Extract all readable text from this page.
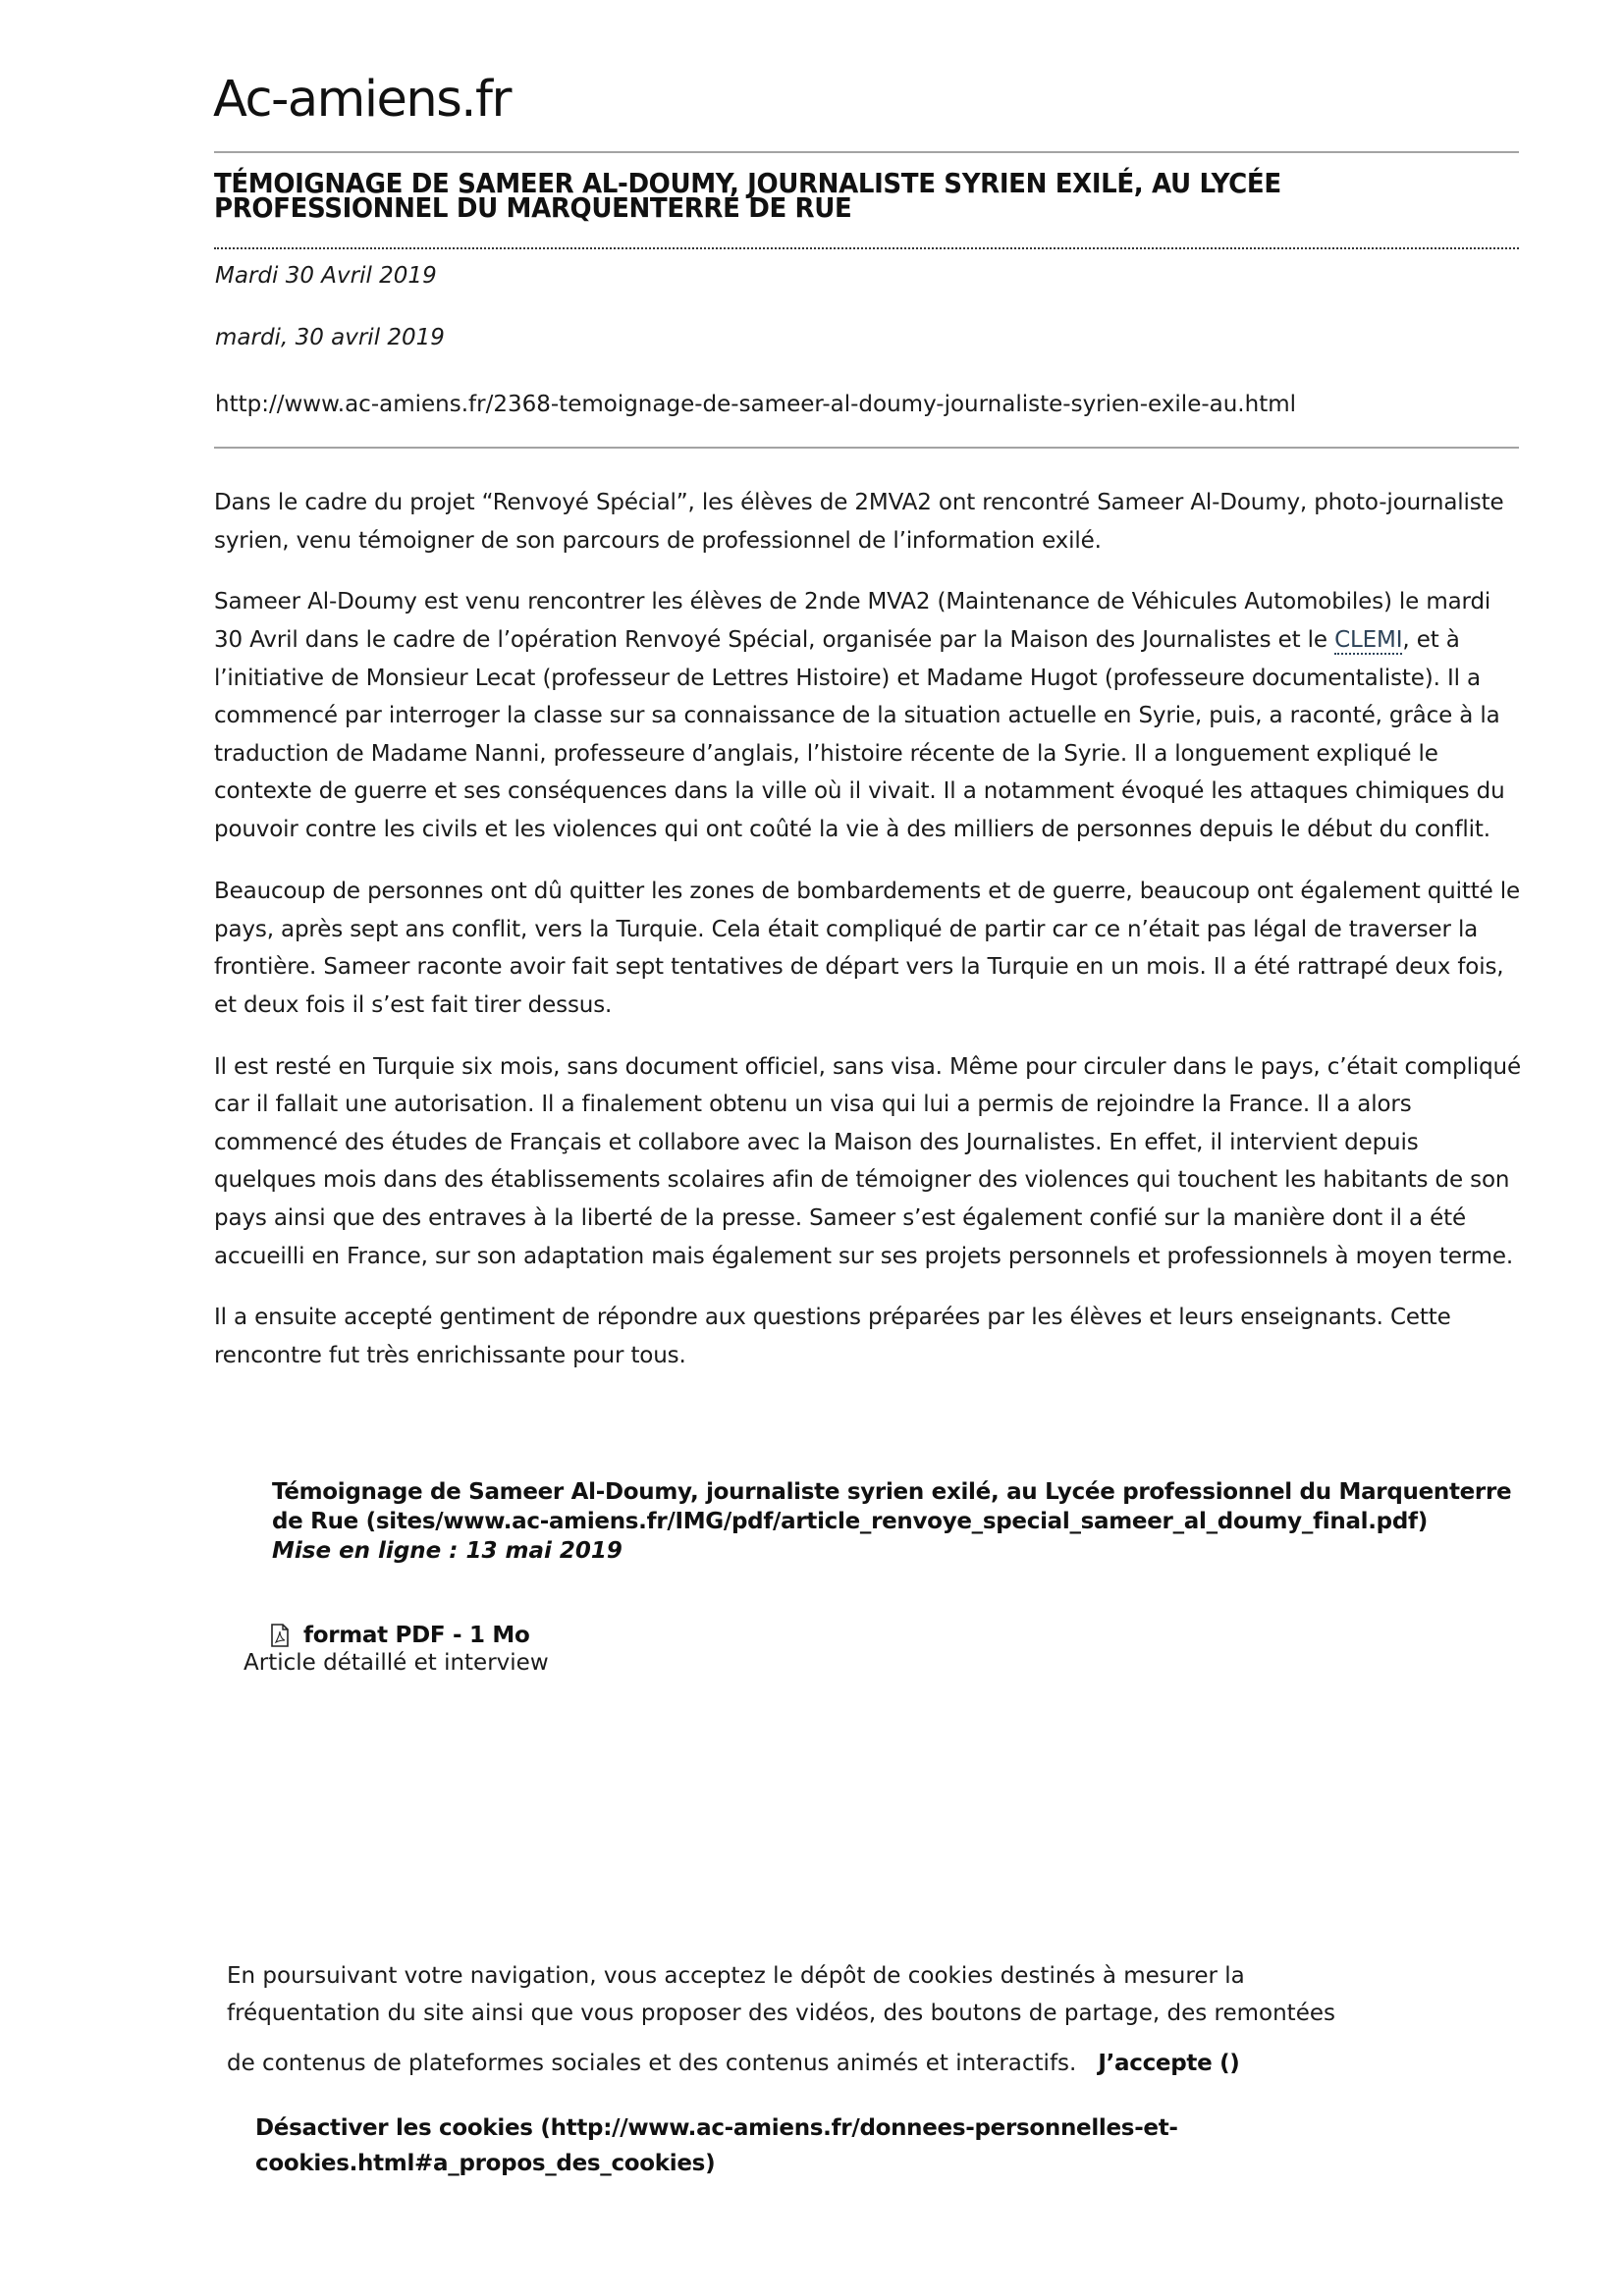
Ac-amiens.fr
TÉMOIGNAGE DE SAMEER AL-DOUMY, JOURNALISTE SYRIEN EXILÉ, AU LYCÉE PROFESSIONNEL DU MARQUENTERRE DE RUE
Mardi 30 Avril 2019
mardi, 30 avril 2019
http://www.ac-amiens.fr/2368-temoignage-de-sameer-al-doumy-journaliste-syrien-exile-au.html

Dans le cadre du projet “Renvoyé Spécial”, les élèves de 2MVA2 ont rencontré Sameer Al-Doumy, photo-journaliste syrien, venu témoigner de son parcours de professionnel de l’information exilé.

Sameer Al-Doumy est venu rencontrer les élèves de 2nde MVA2 (Maintenance de Véhicules Automobiles) le mardi 30 Avril dans le cadre de l’opération Renvoyé Spécial, organisée par la Maison des Journalistes et le CLEMI, et à l’initiative de Monsieur Lecat (professeur de Lettres Histoire) et Madame Hugot (professeure documentaliste). Il a commencé par interroger la classe sur sa connaissance de la situation actuelle en Syrie, puis, a raconté, grâce à la traduction de Madame Nanni, professeure d’anglais, l’histoire récente de la Syrie. Il a longuement expliqué le contexte de guerre et ses conséquences dans la ville où il vivait. Il a notamment évoqué les attaques chimiques du pouvoir contre les civils et les violences qui ont coûté la vie à des milliers de personnes depuis le début du conflit.

Beaucoup de personnes ont dû quitter les zones de bombardements et de guerre, beaucoup ont également quitté le pays, après sept ans conflit, vers la Turquie. Cela était compliqué de partir car ce n’était pas légal de traverser la frontière. Sameer raconte avoir fait sept tentatives de départ vers la Turquie en un mois. Il a été rattrapé deux fois, et deux fois il s’est fait tirer dessus.

Il est resté en Turquie six mois, sans document officiel, sans visa. Même pour circuler dans le pays, c’était compliqué car il fallait une autorisation. Il a finalement obtenu un visa qui lui a permis de rejoindre la France. Il a alors commencé des études de Français et collabore avec la Maison des Journalistes. En effet, il intervient depuis quelques mois dans des établissements scolaires afin de témoigner des violences qui touchent les habitants de son pays ainsi que des entraves à la liberté de la presse. Sameer s’est également confié sur la manière dont il a été accueilli en France, sur son adaptation mais également sur ses projets personnels et professionnels à moyen terme.

Il a ensuite accepté gentiment de répondre aux questions préparées par les élèves et leurs enseignants. Cette rencontre fut très enrichissante pour tous.

Témoignage de Sameer Al-Doumy, journaliste syrien exilé, au Lycée professionnel du Marquenterre de Rue (sites/www.ac-amiens.fr/IMG/pdf/article_renvoye_special_sameer_al_doumy_final.pdf)
Mise en ligne : 13 mai 2019
format PDF - 1 Mo
Article détaillé et interview
En poursuivant votre navigation, vous acceptez le dépôt de cookies destinés à mesurer la
fréquentation du site ainsi que vous proposer des vidéos, des boutons de partage, des remontées
de contenus de plateformes sociales et des contenus animés et interactifs. J’accepte ()
Désactiver les cookies (http://www.ac-amiens.fr/donnees-personnelles-et-cookies.html#a_propos_des_cookies)
